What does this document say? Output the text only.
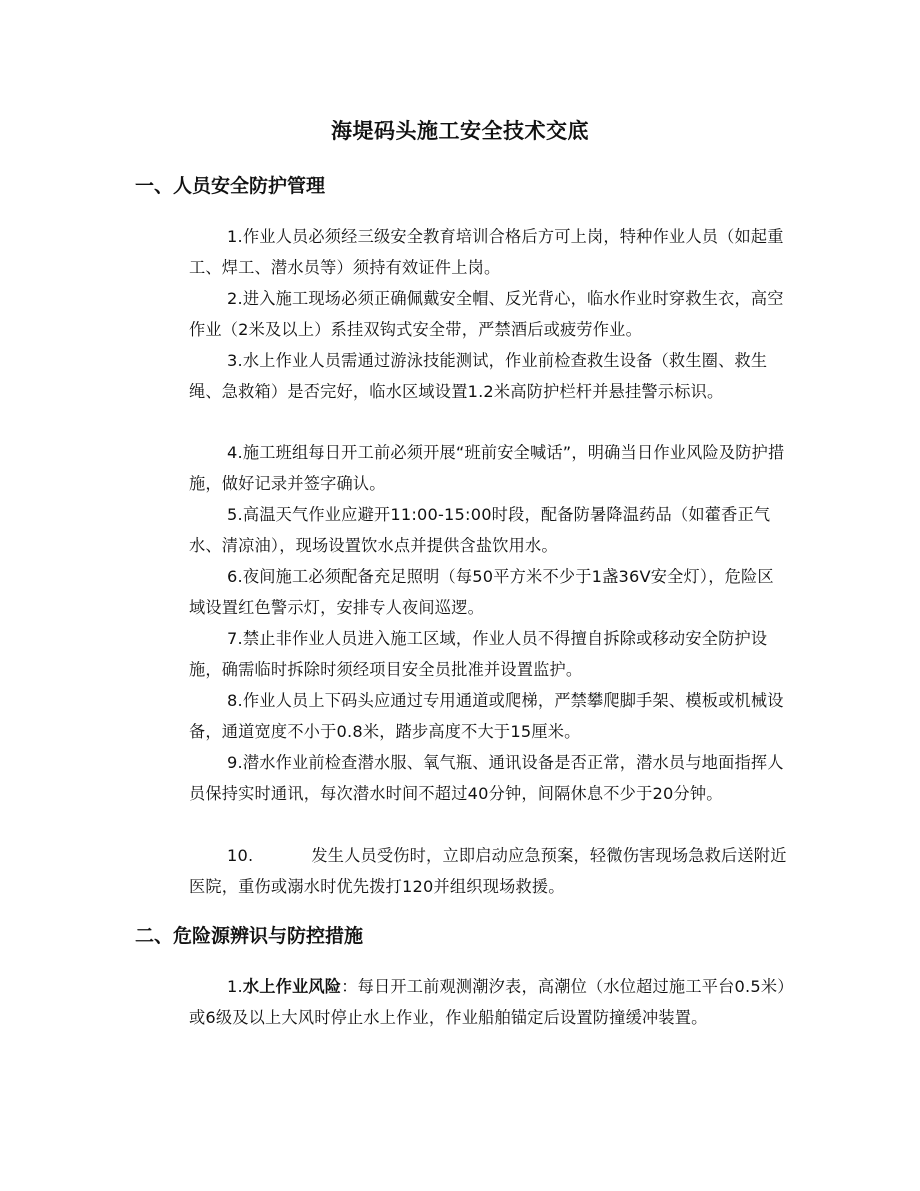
海堤码头施工安全技术交底
一、人员安全防护管理

1.作业人员必须经三级安全教育培训合格后方可上岗，特种作业人员（如起重工、焊工、潜水员等）须持有效证件上岗。

2.进入施工现场必须正确佩戴安全帽、反光背心，临水作业时穿救生衣，高空作业（2米及以上）系挂双钩式安全带，严禁酒后或疲劳作业。

3.水上作业人员需通过游泳技能测试，作业前检查救生设备（救生圈、救生绳、急救箱）是否完好，临水区域设置1.2米高防护栏杆并悬挂警示标识。

4.施工班组每日开工前必须开展“班前安全喊话”，明确当日作业风险及防护措施，做好记录并签字确认。

5.高温天气作业应避开11:00-15:00时段，配备防暑降温药品（如藿香正气水、清凉油），现场设置饮水点并提供含盐饮用水。

6.夜间施工必须配备充足照明（每50平方米不少于1盏36V安全灯），危险区域设置红色警示灯，安排专人夜间巡逻。

7.禁止非作业人员进入施工区域，作业人员不得擅自拆除或移动安全防护设施，确需临时拆除时须经项目安全员批准并设置监护。

8.作业人员上下码头应通过专用通道或爬梯，严禁攀爬脚手架、模板或机械设备，通道宽度不小于0.8米，踏步高度不大于15厘米。

9.潜水作业前检查潜水服、氧气瓶、通讯设备是否正常，潜水员与地面指挥人员保持实时通讯，每次潜水时间不超过40分钟，间隔休息不少于20分钟。

10.	发生人员受伤时，立即启动应急预案，轻微伤害现场急救后送附近医院，重伤或溺水时优先拨打120并组织现场救援。

二、危险源辨识与防控措施

1.水上作业风险：每日开工前观测潮汐表，高潮位（水位超过施工平台0.5米）或6级及以上大风时停止水上作业，作业船舶锚定后设置防撞缓冲装置。
